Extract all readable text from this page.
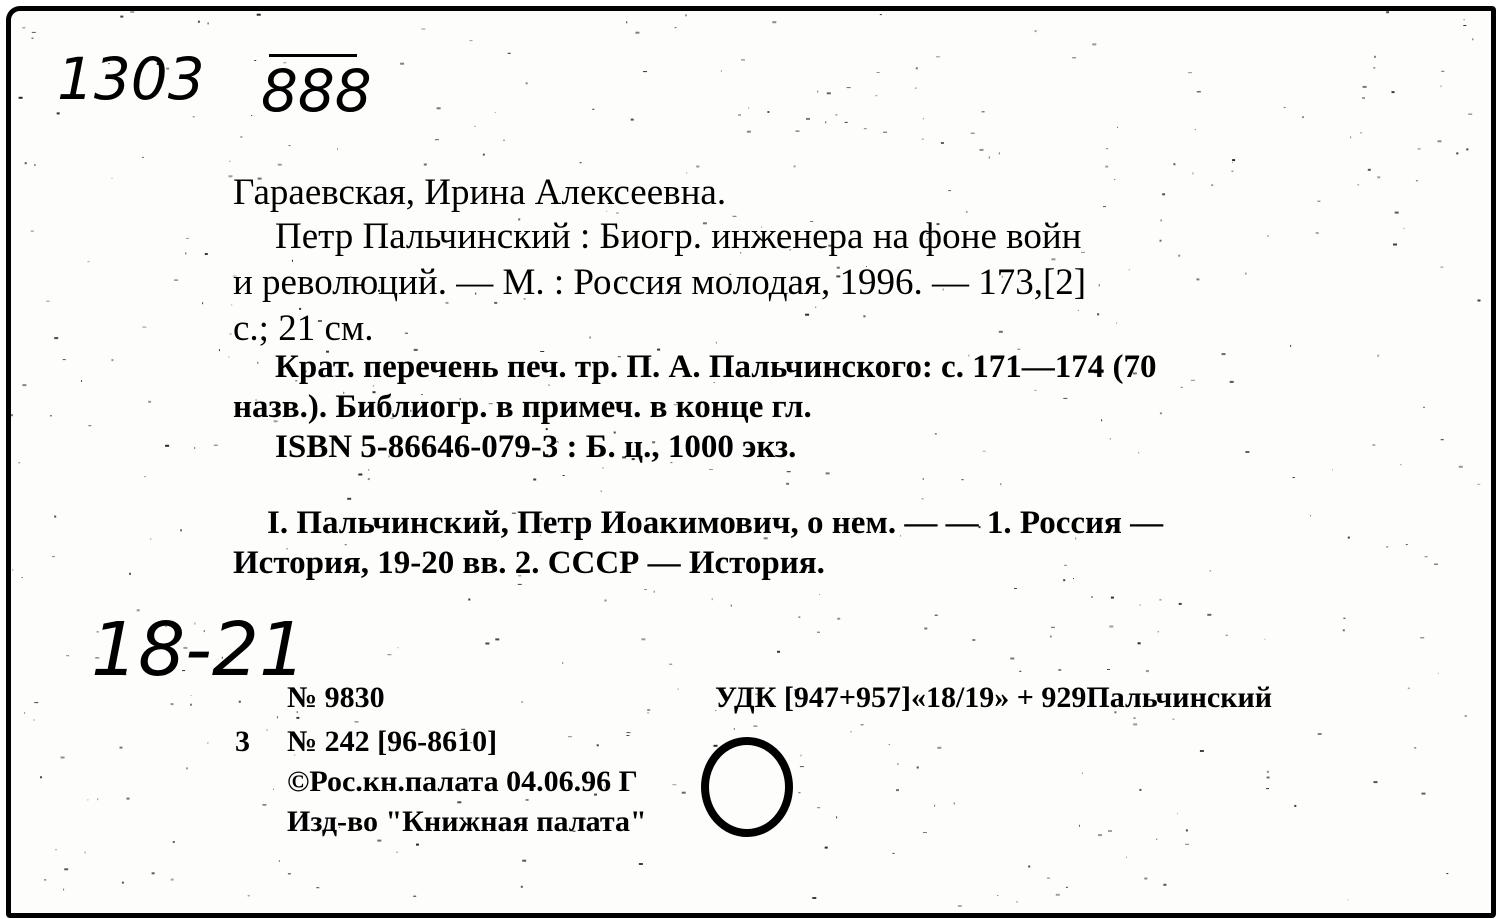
1303 888
18-21
Гараевская, Ирина Алексеевна.
Петр Пальчинский : Биогр. инженера на фоне войн
и революций. — М. : Россия молодая, 1996. — 173,[2]
с.; 21 см.
Крат. перечень печ. тр. П. А. Пальчинского: с. 171—174 (70
назв.). Библиогр. в примеч. в конце гл.
ISBN 5-86646-079-3 : Б. ц., 1000 экз.
I. Пальчинский, Петр Иоакимович, о нем. — — 1. Россия —
История, 19-20 вв. 2. СССР — История.
№ 9830	УДК [947+957]«18/19» + 929Пальчинский
3 № 242 [96-8610]
©Рос.кн.палата 04.06.96 Г
Изд-во "Книжная палата"
